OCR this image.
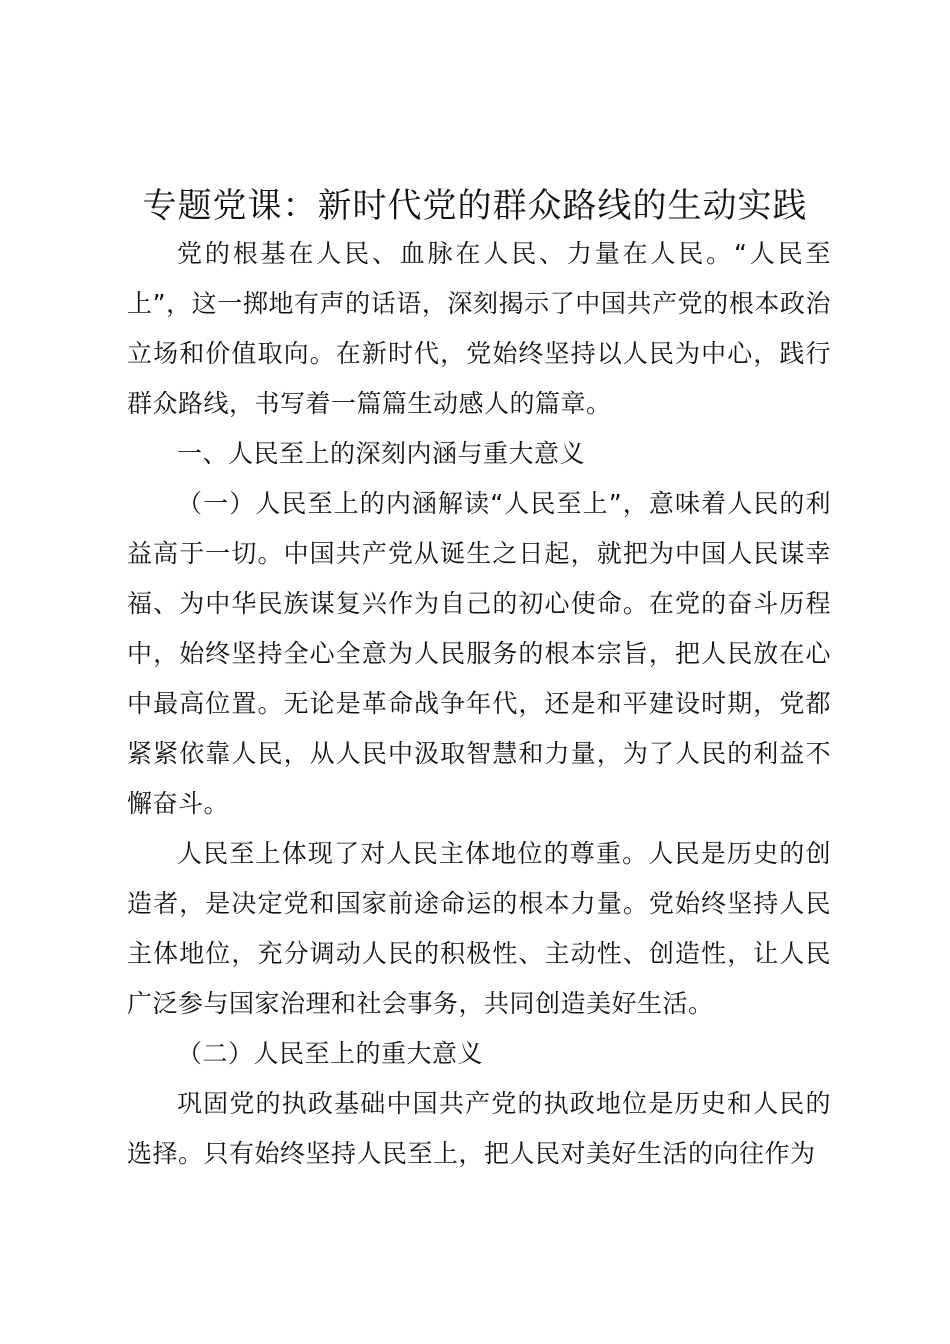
专题党课：新时代党的群众路线的生动实践

党的根基在人民、血脉在人民、力量在人民。“人民至上”，这一掷地有声的话语，深刻揭示了中国共产党的根本政治立场和价值取向。在新时代，党始终坚持以人民为中心，践行群众路线，书写着一篇篇生动感人的篇章。

一、人民至上的深刻内涵与重大意义

（一）人民至上的内涵解读“人民至上”，意味着人民的利益高于一切。中国共产党从诞生之日起，就把为中国人民谋幸福、为中华民族谋复兴作为自己的初心使命。在党的奋斗历程中，始终坚持全心全意为人民服务的根本宗旨，把人民放在心中最高位置。无论是革命战争年代，还是和平建设时期，党都紧紧依靠人民，从人民中汲取智慧和力量，为了人民的利益不懈奋斗。

人民至上体现了对人民主体地位的尊重。人民是历史的创造者，是决定党和国家前途命运的根本力量。党始终坚持人民主体地位，充分调动人民的积极性、主动性、创造性，让人民广泛参与国家治理和社会事务，共同创造美好生活。

（二）人民至上的重大意义

巩固党的执政基础中国共产党的执政地位是历史和人民的选择。只有始终坚持人民至上，把人民对美好生活的向往作为
